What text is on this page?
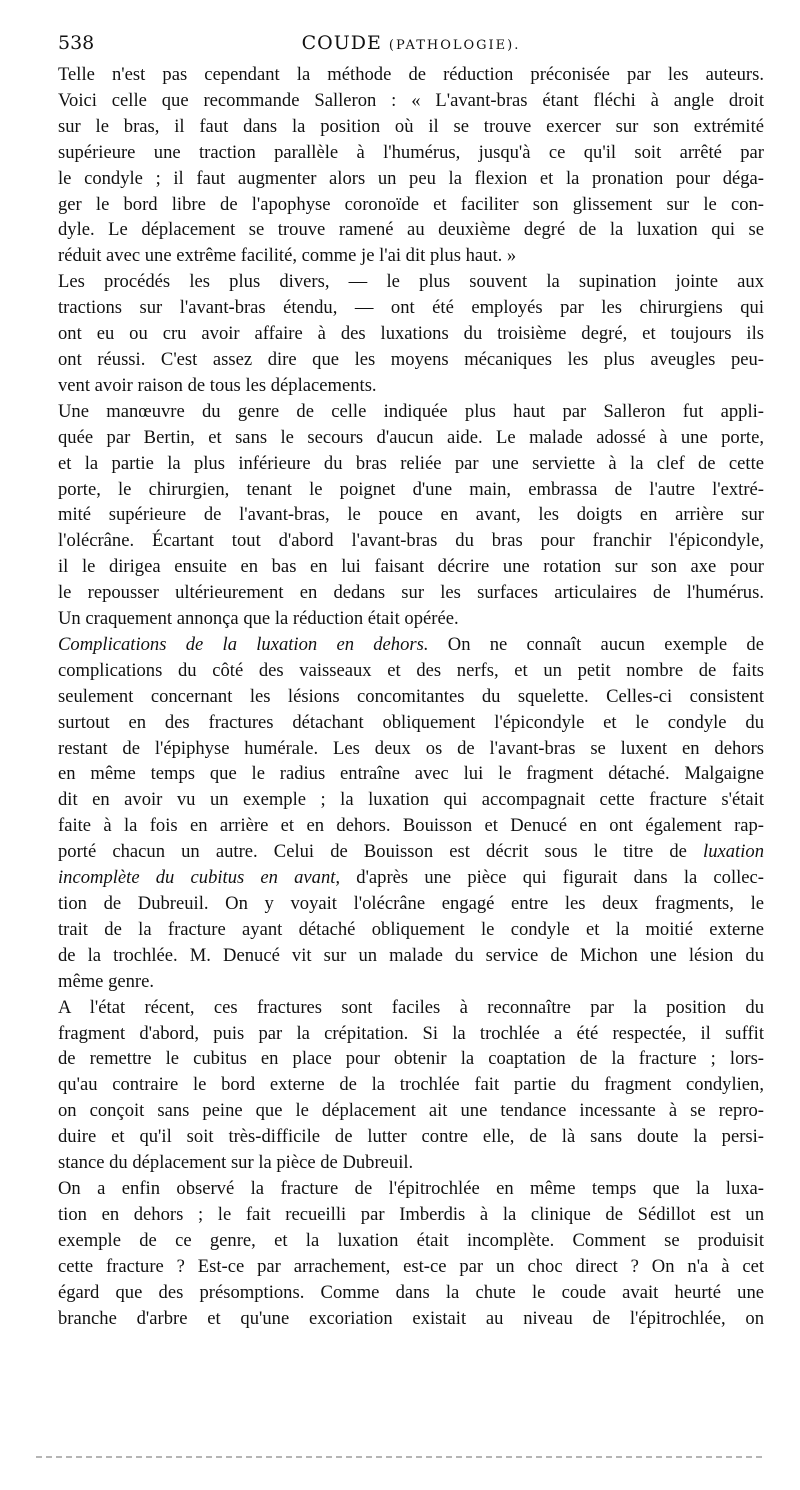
538	COUDE (PATHOLOGIE).

Telle n'est pas cependant la méthode de réduction préconisée par les auteurs.
Voici celle que recommande Salleron : « L'avant-bras étant fléchi à angle droit
sur le bras, il faut dans la position où il se trouve exercer sur son extrémité
supérieure une traction parallèle à l'humérus, jusqu'à ce qu'il soit arrêté par
le condyle ; il faut augmenter alors un peu la flexion et la pronation pour déga-
ger le bord libre de l'apophyse coronoïde et faciliter son glissement sur le con-
dyle. Le déplacement se trouve ramené au deuxième degré de la luxation qui se
réduit avec une extrême facilité, comme je l'ai dit plus haut. »

Les procédés les plus divers, — le plus souvent la supination jointe aux
tractions sur l'avant-bras étendu, — ont été employés par les chirurgiens qui
ont eu ou cru avoir affaire à des luxations du troisième degré, et toujours ils
ont réussi. C'est assez dire que les moyens mécaniques les plus aveugles peu-
vent avoir raison de tous les déplacements.

Une manœuvre du genre de celle indiquée plus haut par Salleron fut appli-
quée par Bertin, et sans le secours d'aucun aide. Le malade adossé à une porte,
et la partie la plus inférieure du bras reliée par une serviette à la clef de cette
porte, le chirurgien, tenant le poignet d'une main, embrassa de l'autre l'extré-
mité supérieure de l'avant-bras, le pouce en avant, les doigts en arrière sur
l'olécrâne. Écartant tout d'abord l'avant-bras du bras pour franchir l'épicondyle,
il le dirigea ensuite en bas en lui faisant décrire une rotation sur son axe pour
le repousser ultérieurement en dedans sur les surfaces articulaires de l'humérus.
Un craquement annonça que la réduction était opérée.

Complications de la luxation en dehors. On ne connaît aucun exemple de
complications du côté des vaisseaux et des nerfs, et un petit nombre de faits
seulement concernant les lésions concomitantes du squelette. Celles-ci consistent
surtout en des fractures détachant obliquement l'épicondyle et le condyle du
restant de l'épiphyse humérale. Les deux os de l'avant-bras se luxent en dehors
en même temps que le radius entraîne avec lui le fragment détaché. Malgaigne
dit en avoir vu un exemple ; la luxation qui accompagnait cette fracture s'était
faite à la fois en arrière et en dehors. Bouisson et Denucé en ont également rap-
porté chacun un autre. Celui de Bouisson est décrit sous le titre de luxation
incomplète du cubitus en avant, d'après une pièce qui figurait dans la collec-
tion de Dubreuil. On y voyait l'olécrâne engagé entre les deux fragments, le
trait de la fracture ayant détaché obliquement le condyle et la moitié externe
de la trochlée. M. Denucé vit sur un malade du service de Michon une lésion du
même genre.

A l'état récent, ces fractures sont faciles à reconnaître par la position du
fragment d'abord, puis par la crépitation. Si la trochlée a été respectée, il suffit
de remettre le cubitus en place pour obtenir la coaptation de la fracture ; lors-
qu'au contraire le bord externe de la trochlée fait partie du fragment condylien,
on conçoit sans peine que le déplacement ait une tendance incessante à se repro-
duire et qu'il soit très-difficile de lutter contre elle, de là sans doute la persi-
stance du déplacement sur la pièce de Dubreuil.

On a enfin observé la fracture de l'épitrochlée en même temps que la luxa-
tion en dehors ; le fait recueilli par Imberdis à la clinique de Sédillot est un
exemple de ce genre, et la luxation était incomplète. Comment se produisit
cette fracture ? Est-ce par arrachement, est-ce par un choc direct ? On n'a à cet
égard que des présomptions. Comme dans la chute le coude avait heurté une
branche d'arbre et qu'une excoriation existait au niveau de l'épitrochlée, on
